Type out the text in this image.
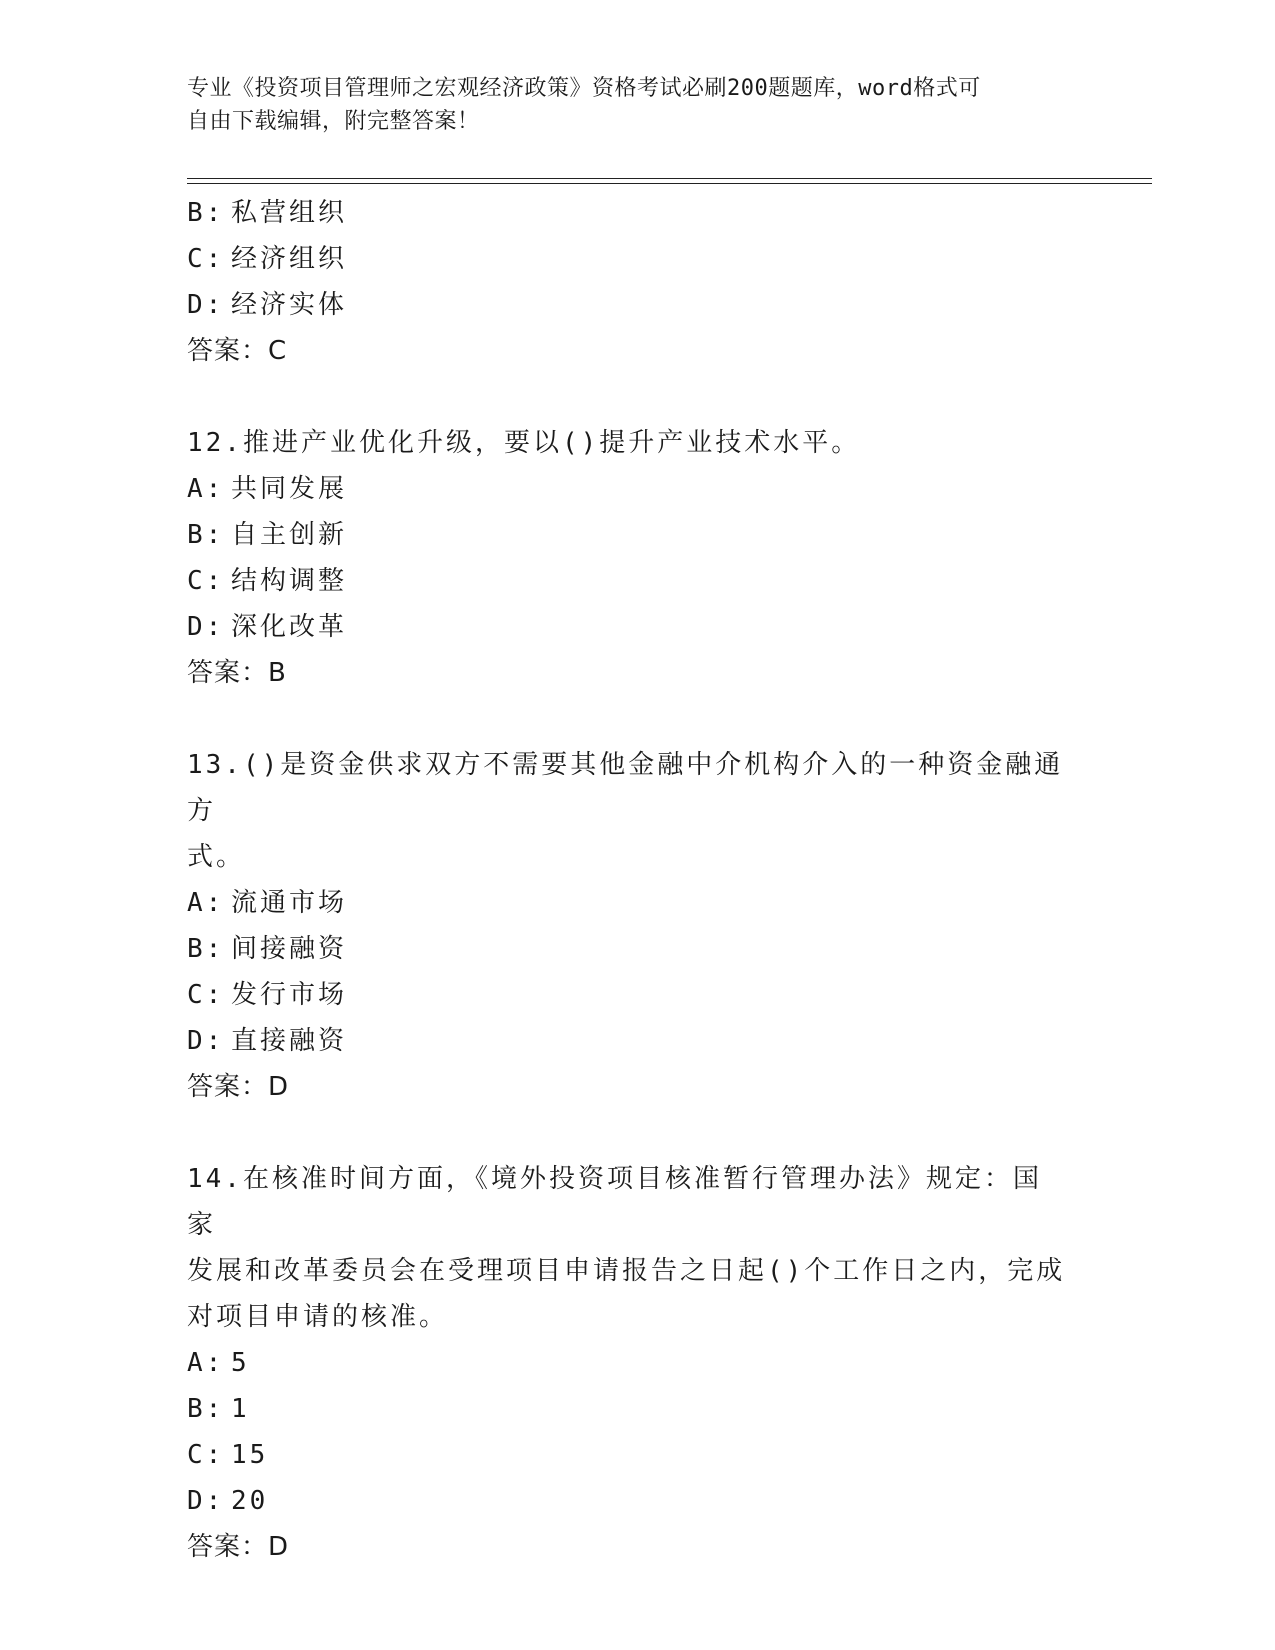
专业《投资项目管理师之宏观经济政策》资格考试必刷200题题库，word格式可
自由下载编辑，附完整答案！
B: 私营组织
C: 经济组织
D: 经济实体
答案：C
12.推进产业优化升级，要以()提升产业技术水平。
A: 共同发展
B: 自主创新
C: 结构调整
D: 深化改革
答案：B
13.()是资金供求双方不需要其他金融中介机构介入的一种资金融通方
式。
A: 流通市场
B: 间接融资
C: 发行市场
D: 直接融资
答案：D
14.在核准时间方面，《境外投资项目核准暂行管理办法》规定：国家
发展和改革委员会在受理项目申请报告之日起()个工作日之内，完成
对项目申请的核准。
A: 5
B: 1
C: 15
D: 20
答案：D
